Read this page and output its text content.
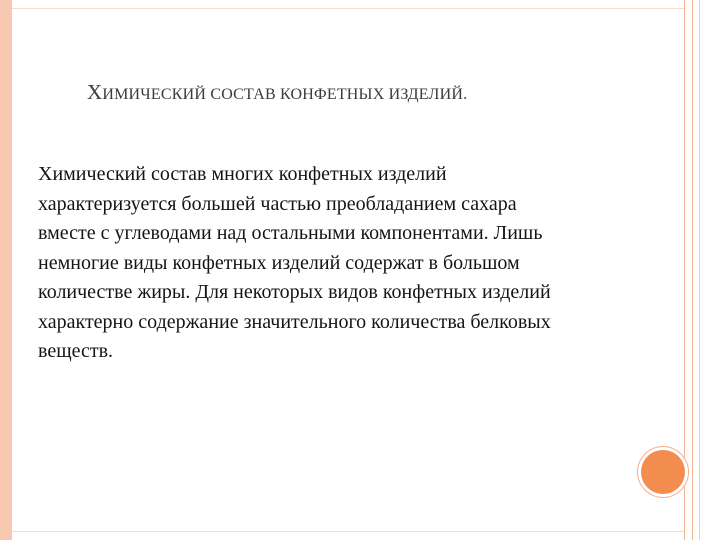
ХИМИЧЕСКИЙ СОСТАВ КОНФЕТНЫХ ИЗДЕЛИЙ.
Химический состав многих конфетных изделий
характеризуется большей частью преобладанием сахара
вместе с углеводами над остальными компонентами. Лишь
немногие виды конфетных изделий содержат в большом
количестве жиры. Для некоторых видов конфетных изделий
характерно содержание значительного количества белковых
веществ.
